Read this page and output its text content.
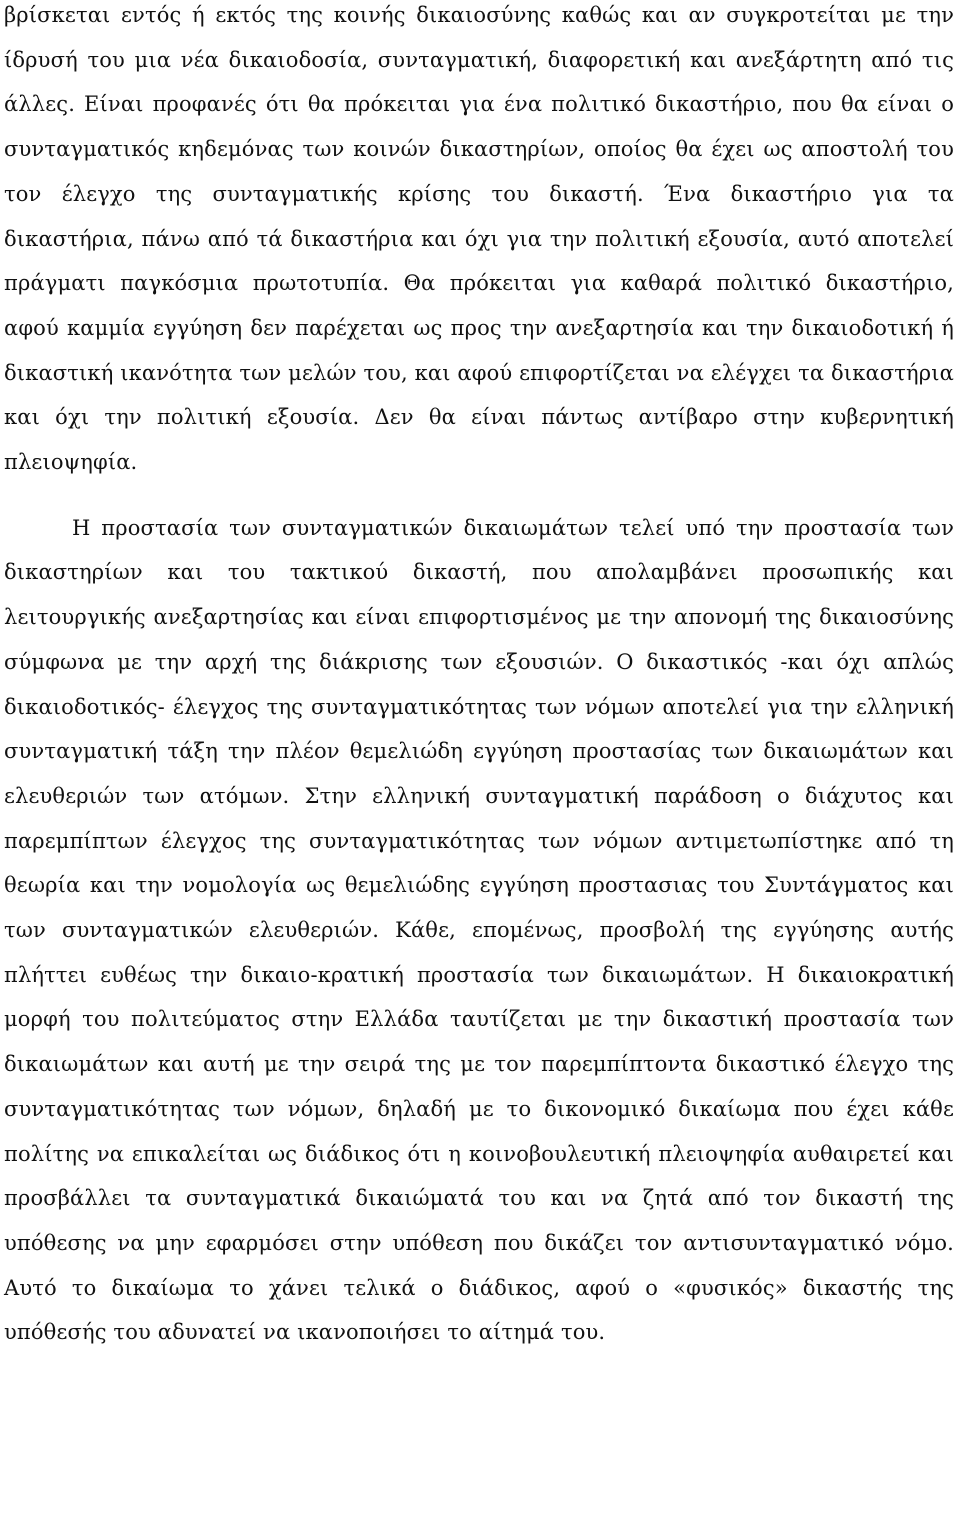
βρίσκεται εντός ή εκτός της κοινής δικαιοσύνης καθώς και αν συγκροτείται με την ίδρυσή του μια νέα δικαιοδοσία, συνταγματική, διαφορετική και ανεξάρτητη από τις άλλες. Είναι προφανές ότι θα πρόκειται για ένα πολιτικό δικαστήριο, που θα είναι ο συνταγματικός κηδεμόνας των κοινών δικαστηρίων, οποίος θα έχει ως αποστολή του τον έλεγχο της συνταγματικής κρίσης του δικαστή. Ένα δικαστήριο για τα δικαστήρια, πάνω από τά δικαστήρια και όχι για την πολιτική εξουσία, αυτό αποτελεί πράγματι παγκόσμια πρωτοτυπία. Θα πρόκειται για καθαρά πολιτικό δικαστήριο, αφού καμμία εγγύηση δεν παρέχεται ως προς την ανεξαρτησία και την δικαιοδοτική ή δικαστική ικανότητα των μελών του, και αφού επιφορτίζεται να ελέγχει τα δικαστήρια και όχι την πολιτική εξουσία. Δεν θα είναι πάντως αντίβαρο στην κυβερνητική πλειοψηφία.

Η προστασία των συνταγματικών δικαιωμάτων τελεί υπό την προστασία των δικαστηρίων και του τακτικού δικαστή, που απολαμβάνει προσωπικής και λειτουργικής ανεξαρτησίας και είναι επιφορτισμένος με την απονομή της δικαιοσύνης σύμφωνα με την αρχή της διάκρισης των εξουσιών. Ο δικαστικός -και όχι απλώς δικαιοδοτικός- έλεγχος της συνταγματικότητας των νόμων αποτελεί για την ελληνική συνταγματική τάξη την πλέον θεμελιώδη εγγύηση προστασίας των δικαιωμάτων και ελευθεριών των ατόμων. Στην ελληνική συνταγματική παράδοση ο διάχυτος και παρεμπίπτων έλεγχος της συνταγματικότητας των νόμων αντιμετωπίστηκε από τη θεωρία και την νομολογία ως θεμελιώδης εγγύηση προστασιας του Συντάγματος και των συνταγματικών ελευθεριών. Κάθε, επομένως, προσβολή της εγγύησης αυτής πλήττει ευθέως την δικαιο-κρατική προστασία των δικαιωμάτων. Η δικαιοκρατική μορφή του πολιτεύματος στην Ελλάδα ταυτίζεται με την δικαστική προστασία των δικαιωμάτων και αυτή με την σειρά της με τον παρεμπίπτοντα δικαστικό έλεγχο της συνταγματικότητας των νόμων, δηλαδή με το δικονομικό δικαίωμα που έχει κάθε πολίτης να επικαλείται ως διάδικος ότι η κοινοβουλευτική πλειοψηφία αυθαιρετεί και προσβάλλει τα συνταγματικά δικαιώματά του και να ζητά από τον δικαστή της υπόθεσης να μην εφαρμόσει στην υπόθεση που δικάζει τον αντισυνταγματικό νόμο. Αυτό το δικαίωμα το χάνει τελικά ο διάδικος, αφού ο «φυσικός» δικαστής της υπόθεσής του αδυνατεί να ικανοποιήσει το αίτημά του.
